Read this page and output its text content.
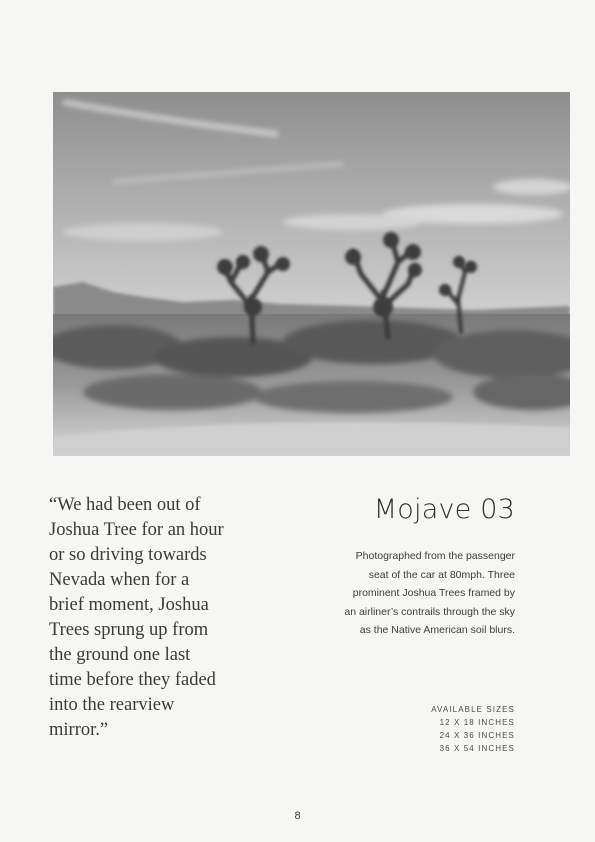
“We had been out of
Joshua Tree for an hour
or so driving towards
Nevada when for a
brief moment, Joshua
Trees sprung up from
the ground one last
time before they faded
into the rearview
mirror.”

Mojave 03

Photographed from the passenger
seat of the car at 80mph. Three
prominent Joshua Trees framed by
an airliner’s contrails through the sky
as the Native American soil blurs.

AVAILABLE SIZES
12 X 18 INCHES
24 X 36 INCHES
36 X 54 INCHES
8
